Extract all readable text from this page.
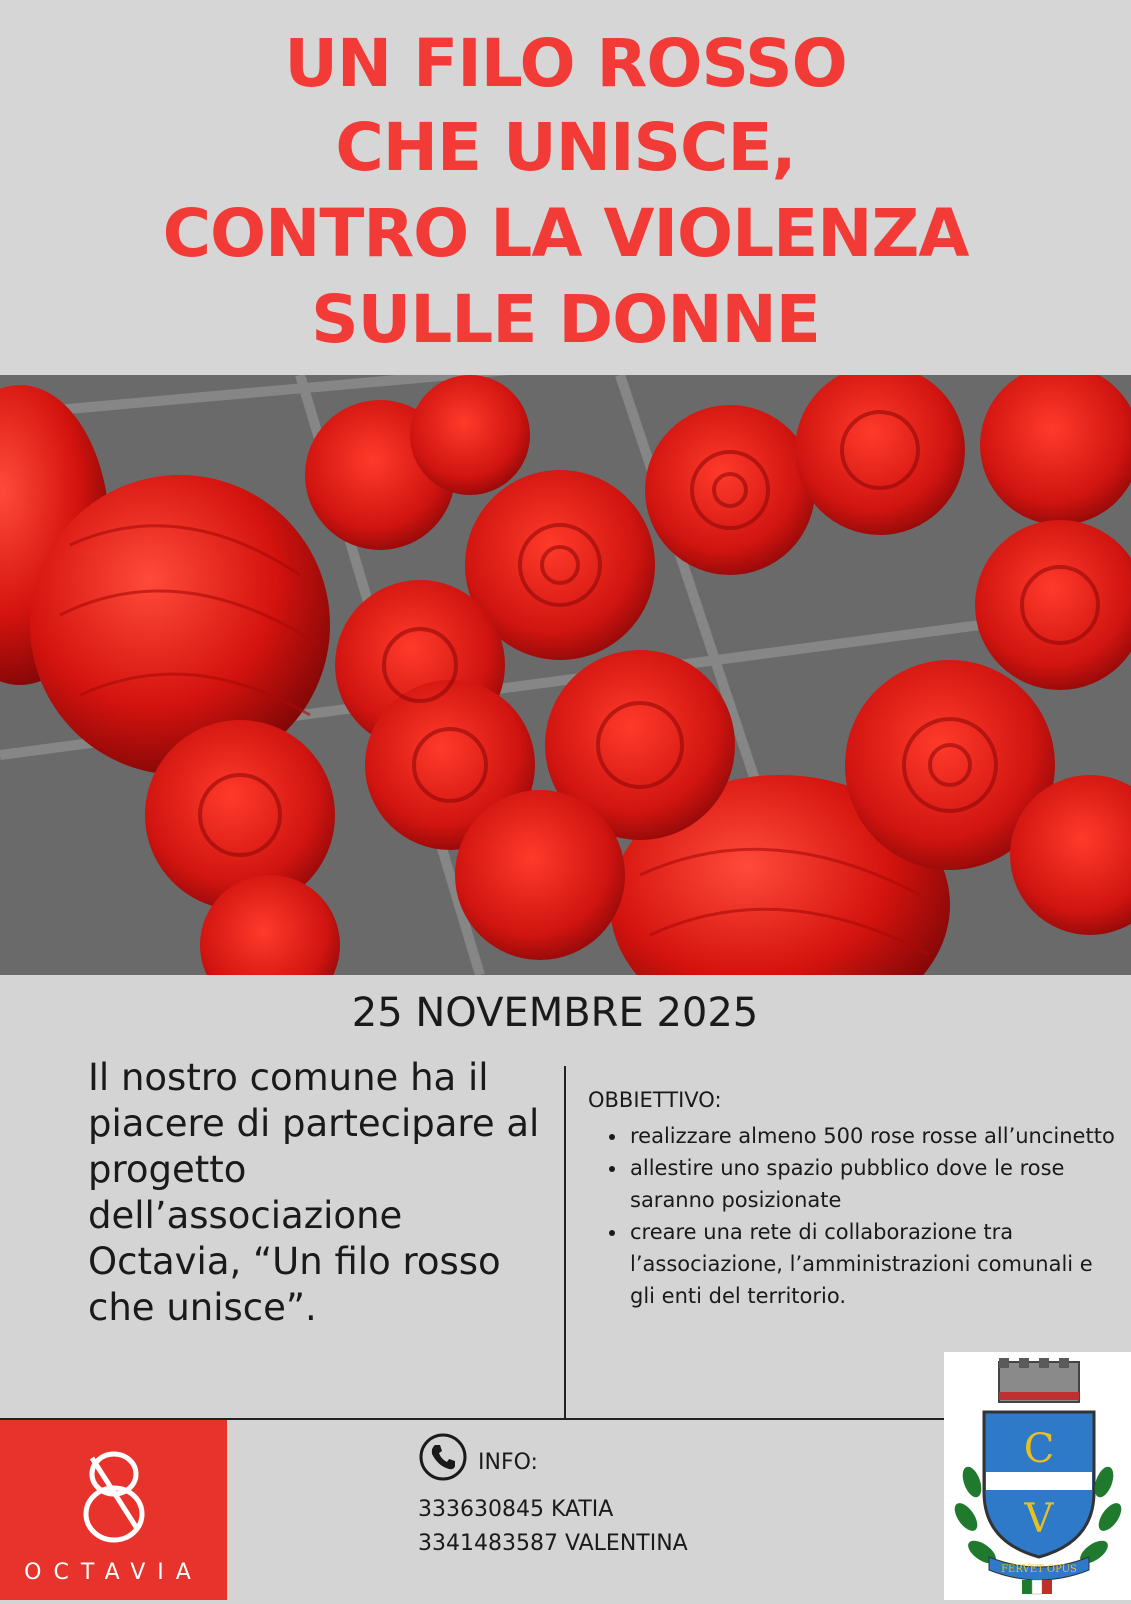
UN FILO ROSSO
CHE UNISCE,
CONTRO LA VIOLENZA
SULLE DONNE
25 NOVEMBRE 2025

Il nostro comune ha il piacere di partecipare al progetto dell’associazione Octavia, “Un filo rosso che unisce”.

OBBIETTIVO:

• realizzare almeno 500 rose rosse all’uncinetto
• allestire uno spazio pubblico dove le rose saranno posizionate
• creare una rete di collaborazione tra l’associazione, l’amministrazioni comunali e gli enti del territorio.
OCTAVIA
INFO:
333630845 KATIA
3341483587 VALENTINA
C
V
FERVET OPUS
